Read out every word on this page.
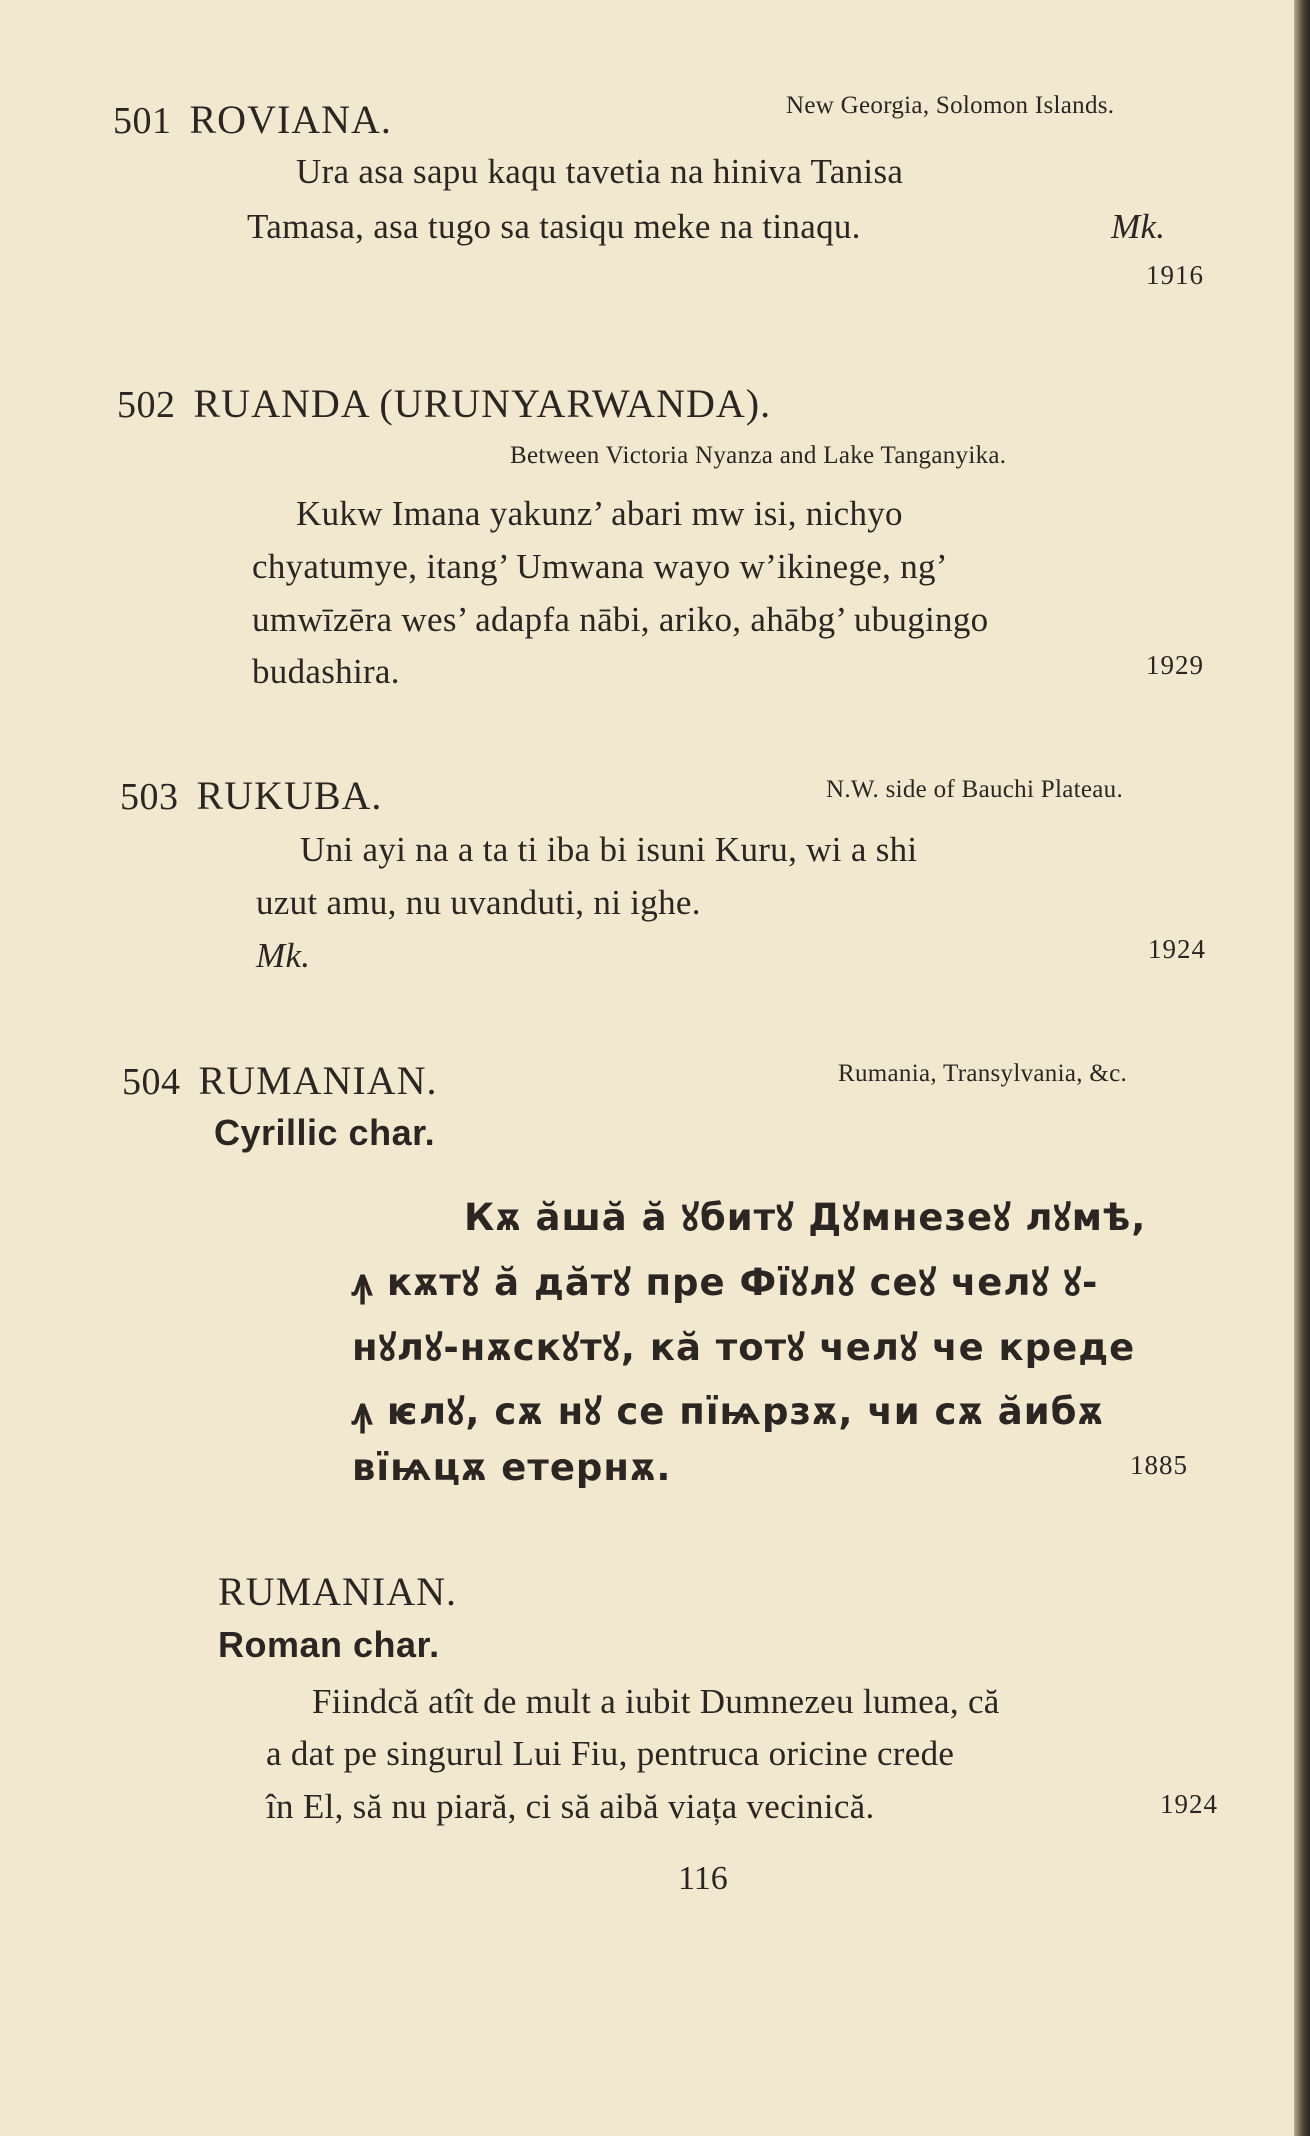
501 ROVIANA.	New Georgia, Solomon Islands.
Ura asa sapu kaqu tavetia na hiniva Tanisa
Tamasa, asa tugo sa tasiqu meke na tinaqu.	Mk.
1916
502 RUANDA (URUNYARWANDA).
Between Victoria Nyanza and Lake Tanganyika.
Kukw Imana yakunz’ abari mw isi, nichyo
chyatumye, itang’ Umwana wayo w’ikinege, ng’
umwīzēra wes’ adapfa nābi, ariko, ahābg’ ubugingo
budashira.	1929
503 RUKUBA.	N.W. side of Bauchi Plateau.
Uni ayi na a ta ti iba bi isuni Kuru, wi a shi
uzut amu, nu uvanduti, ni ighe.
Mk.	1924
504 RUMANIAN.	Rumania, Transylvania, &c.
Cyrillic char.
Кѫ ӑшӑ ӑ ꙋбитꙋ Дꙋмнезеꙋ лꙋмѣ,
ꙟ кѫтꙋ ӑ дӑтꙋ пре Фїꙋлꙋ сеꙋ челꙋ ꙋ-
нꙋлꙋ-нѫскꙋтꙋ, кӑ тотꙋ челꙋ че креде
ꙟ ѥлꙋ, сѫ нꙋ се пїѩрзѫ, чи сѫ ӑибѫ
вїѩцѫ етернѫ.	1885
RUMANIAN.
Roman char.
Fiindcă atît de mult a iubit Dumnezeu lumea, că
a dat pe singurul Lui Fiu, pentruca oricine crede
în El, să nu piară, ci să aibă viața vecinică.	1924
116
